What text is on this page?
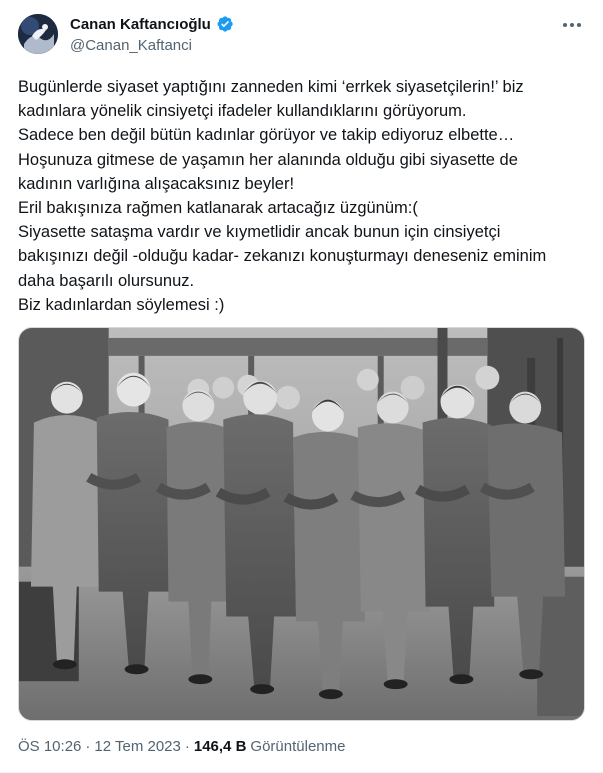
Canan Kaftancıoğlu
@Canan_Kaftanci
Bugünlerde siyaset yaptığını zanneden kimi ‘errkek siyasetçilerin!’ biz
kadınlara yönelik cinsiyetçi ifadeler kullandıklarını görüyorum.
Sadece ben değil bütün kadınlar görüyor ve takip ediyoruz elbette…
Hoşunuza gitmese de yaşamın her alanında olduğu gibi siyasette de
kadının varlığına alışacaksınız beyler!
Eril bakışınıza rağmen katlanarak artacağız üzgünüm:(
Siyasette sataşma vardır ve kıymetlidir ancak bunun için cinsiyetçi
bakışınızı değil -olduğu kadar- zekanızı konuşturmayı deneseniz eminim
daha başarılı olursunuz.
Biz kadınlardan söylemesi :)
ÖS 10:26 · 12 Tem 2023 · 146,4 B Görüntülenme
